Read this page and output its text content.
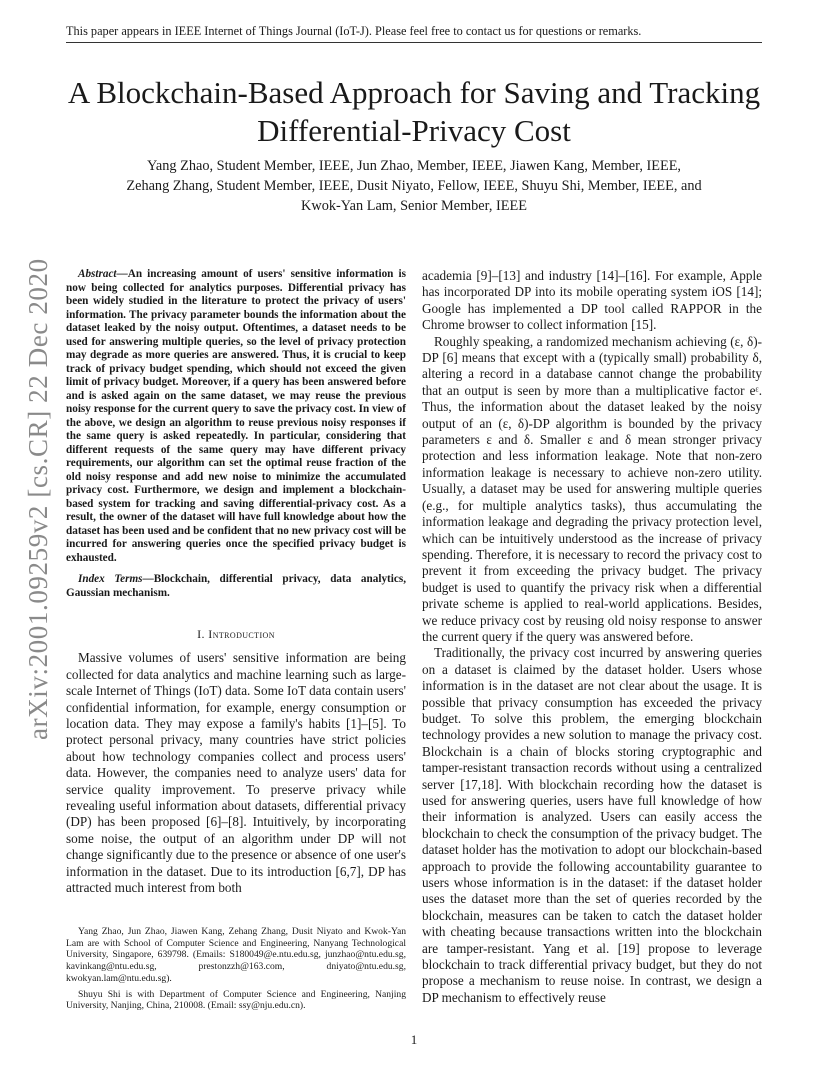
This paper appears in IEEE Internet of Things Journal (IoT-J). Please feel free to contact us for questions or remarks.
arXiv:2001.09259v2 [cs.CR] 22 Dec 2020
A Blockchain-Based Approach for Saving and Tracking Differential-Privacy Cost
Yang Zhao, Student Member, IEEE, Jun Zhao, Member, IEEE, Jiawen Kang, Member, IEEE,
Zehang Zhang, Student Member, IEEE, Dusit Niyato, Fellow, IEEE, Shuyu Shi, Member, IEEE, and
Kwok-Yan Lam, Senior Member, IEEE

Abstract—An increasing amount of users' sensitive information is now being collected for analytics purposes. Differential privacy has been widely studied in the literature to protect the privacy of users' information. The privacy parameter bounds the information about the dataset leaked by the noisy output. Oftentimes, a dataset needs to be used for answering multiple queries, so the level of privacy protection may degrade as more queries are answered. Thus, it is crucial to keep track of privacy budget spending, which should not exceed the given limit of privacy budget. Moreover, if a query has been answered before and is asked again on the same dataset, we may reuse the previous noisy response for the current query to save the privacy cost. In view of the above, we design an algorithm to reuse previous noisy responses if the same query is asked repeatedly. In particular, considering that different requests of the same query may have different privacy requirements, our algorithm can set the optimal reuse fraction of the old noisy response and add new noise to minimize the accumulated privacy cost. Furthermore, we design and implement a blockchain-based system for tracking and saving differential-privacy cost. As a result, the owner of the dataset will have full knowledge about how the dataset has been used and be confident that no new privacy cost will be incurred for answering queries once the specified privacy budget is exhausted.

Index Terms—Blockchain, differential privacy, data analytics, Gaussian mechanism.

I. Introduction

Massive volumes of users' sensitive information are being collected for data analytics and machine learning such as large-scale Internet of Things (IoT) data. Some IoT data contain users' confidential information, for example, energy consumption or location data. They may expose a family's habits [1]–[5]. To protect personal privacy, many countries have strict policies about how technology companies collect and process users' data. However, the companies need to analyze users' data for service quality improvement. To preserve privacy while revealing useful information about datasets, differential privacy (DP) has been proposed [6]–[8]. Intuitively, by incorporating some noise, the output of an algorithm under DP will not change significantly due to the presence or absence of one user's information in the dataset. Due to its introduction [6,7], DP has attracted much interest from both

academia [9]–[13] and industry [14]–[16]. For example, Apple has incorporated DP into its mobile operating system iOS [14]; Google has implemented a DP tool called RAPPOR in the Chrome browser to collect information [15].

Roughly speaking, a randomized mechanism achieving (ε, δ)-DP [6] means that except with a (typically small) probability δ, altering a record in a database cannot change the probability that an output is seen by more than a multiplicative factor eᵋ. Thus, the information about the dataset leaked by the noisy output of an (ε, δ)-DP algorithm is bounded by the privacy parameters ε and δ. Smaller ε and δ mean stronger privacy protection and less information leakage. Note that non-zero information leakage is necessary to achieve non-zero utility. Usually, a dataset may be used for answering multiple queries (e.g., for multiple analytics tasks), thus accumulating the information leakage and degrading the privacy protection level, which can be intuitively understood as the increase of privacy spending. Therefore, it is necessary to record the privacy cost to prevent it from exceeding the privacy budget. The privacy budget is used to quantify the privacy risk when a differential private scheme is applied to real-world applications. Besides, we reduce privacy cost by reusing old noisy response to answer the current query if the query was answered before.

Traditionally, the privacy cost incurred by answering queries on a dataset is claimed by the dataset holder. Users whose information is in the dataset are not clear about the usage. It is possible that privacy consumption has exceeded the privacy budget. To solve this problem, the emerging blockchain technology provides a new solution to manage the privacy cost. Blockchain is a chain of blocks storing cryptographic and tamper-resistant transaction records without using a centralized server [17,18]. With blockchain recording how the dataset is used for answering queries, users have full knowledge of how their information is analyzed. Users can easily access the blockchain to check the consumption of the privacy budget. The dataset holder has the motivation to adopt our blockchain-based approach to provide the following accountability guarantee to users whose information is in the dataset: if the dataset holder uses the dataset more than the set of queries recorded by the blockchain, measures can be taken to catch the dataset holder with cheating because transactions written into the blockchain are tamper-resistant. Yang et al. [19] propose to leverage blockchain to track differential privacy budget, but they do not propose a mechanism to reuse noise. In contrast, we design a DP mechanism to effectively reuse

Yang Zhao, Jun Zhao, Jiawen Kang, Zehang Zhang, Dusit Niyato and Kwok-Yan Lam are with School of Computer Science and Engineering, Nanyang Technological University, Singapore, 639798. (Emails: S180049@e.ntu.edu.sg, junzhao@ntu.edu.sg, kavinkang@ntu.edu.sg, prestonzzh@163.com, dniyato@ntu.edu.sg, kwokyan.lam@ntu.edu.sg).

Shuyu Shi is with Department of Computer Science and Engineering, Nanjing University, Nanjing, China, 210008. (Email: ssy@nju.edu.cn).

1
